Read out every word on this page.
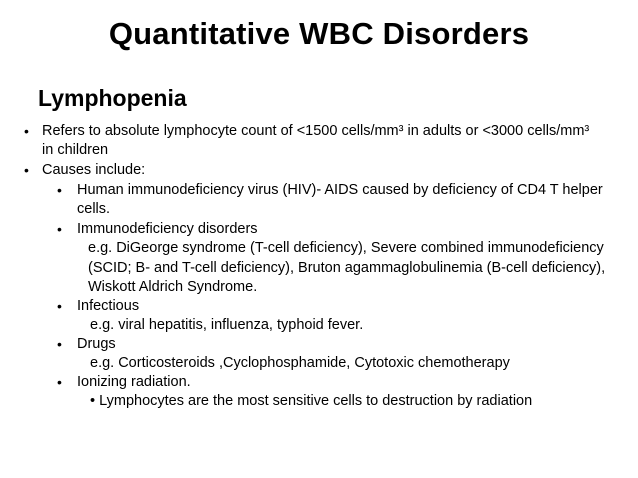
Quantitative WBC Disorders
Lymphopenia
• Refers to absolute lymphocyte count of <1500 cells/mm³ in adults or <3000 cells/mm³
in children
• Causes include:
• Human immunodeficiency virus (HIV)- AIDS caused by deficiency of CD4 T helper
cells.
• Immunodeficiency disorders
e.g. DiGeorge syndrome (T-cell deficiency), Severe combined immunodeficiency
(SCID; B- and T-cell deficiency), Bruton agammaglobulinemia (B-cell deficiency),
Wiskott Aldrich Syndrome.
• Infectious
e.g. viral hepatitis, influenza, typhoid fever.
• Drugs
e.g. Corticosteroids ,Cyclophosphamide, Cytotoxic chemotherapy
• Ionizing radiation.
• Lymphocytes are the most sensitive cells to destruction by radiation
